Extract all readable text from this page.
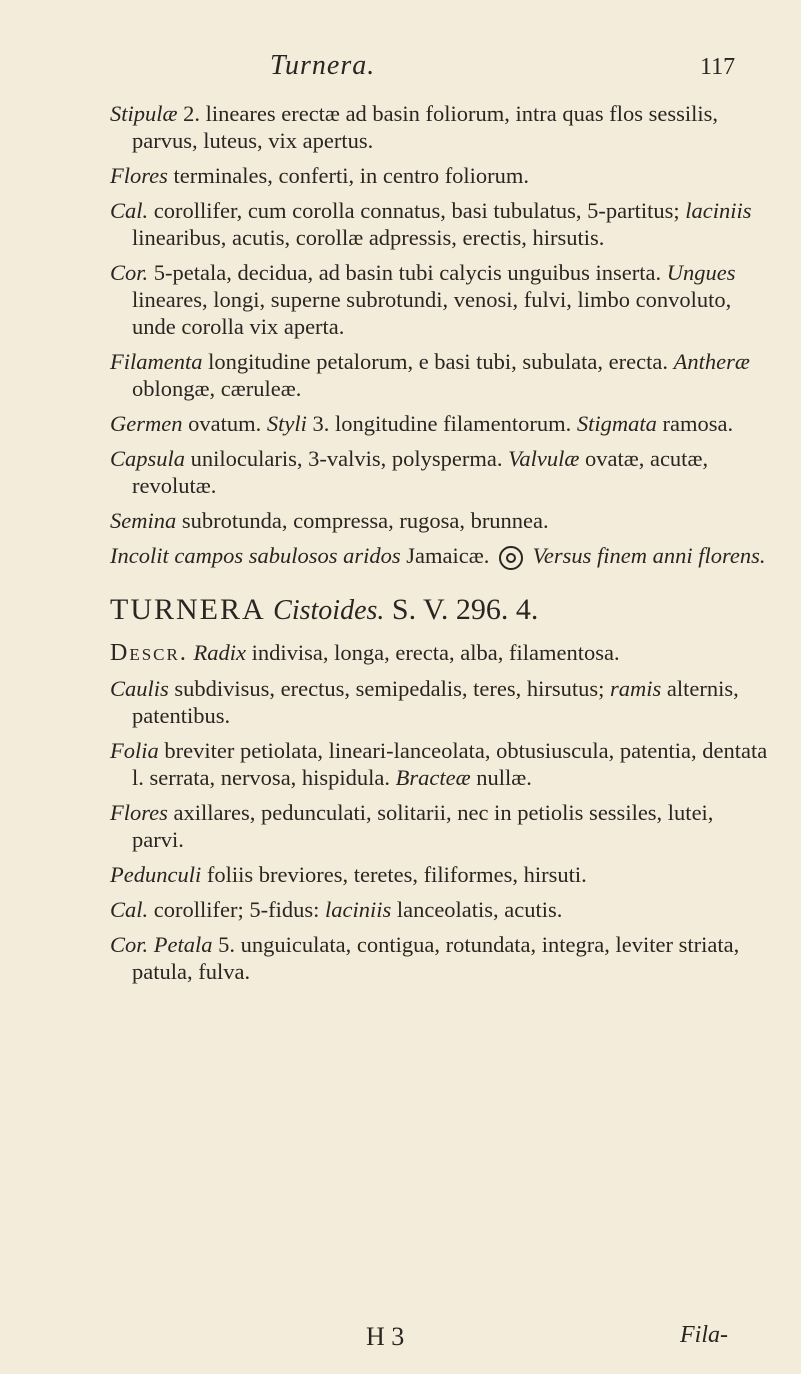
Turnera.	117

Stipulæ 2. lineares erectæ ad basin foliorum, intra quas flos sessilis, parvus, luteus, vix apertus.

Flores terminales, conferti, in centro foliorum.

Cal. corollifer, cum corolla connatus, basi tubulatus, 5-partitus; laciniis linearibus, acutis, corollæ adpressis, erectis, hirsutis.

Cor. 5-petala, decidua, ad basin tubi calycis unguibus inserta. Ungues lineares, longi, superne subrotundi, venosi, fulvi, limbo convoluto, unde corolla vix aperta.

Filamenta longitudine petalorum, e basi tubi, subulata, erecta. Antheræ oblongæ, cæruleæ.

Germen ovatum. Styli 3. longitudine filamentorum. Stigmata ramosa.

Capsula unilocularis, 3-valvis, polysperma. Valvulæ ovatæ, acutæ, revolutæ.

Semina subrotunda, compressa, rugosa, brunnea.

Incolit campos sabulosos aridos Jamaicæ. Versus finem anni florens.

TURNERA Cistoides. S. V. 296. 4.

Descr. Radix indivisa, longa, erecta, alba, filamentosa.

Caulis subdivisus, erectus, semipedalis, teres, hirsutus; ramis alternis, patentibus.

Folia breviter petiolata, lineari-lanceolata, obtusiuscula, patentia, dentata l. serrata, nervosa, hispidula. Bracteæ nullæ.

Flores axillares, pedunculati, solitarii, nec in petiolis sessiles, lutei, parvi.

Pedunculi foliis breviores, teretes, filiformes, hirsuti.

Cal. corollifer; 5-fidus: laciniis lanceolatis, acutis.

Cor. Petala 5. unguiculata, contigua, rotundata, integra, leviter striata, patula, fulva.

H 3	Fila-
